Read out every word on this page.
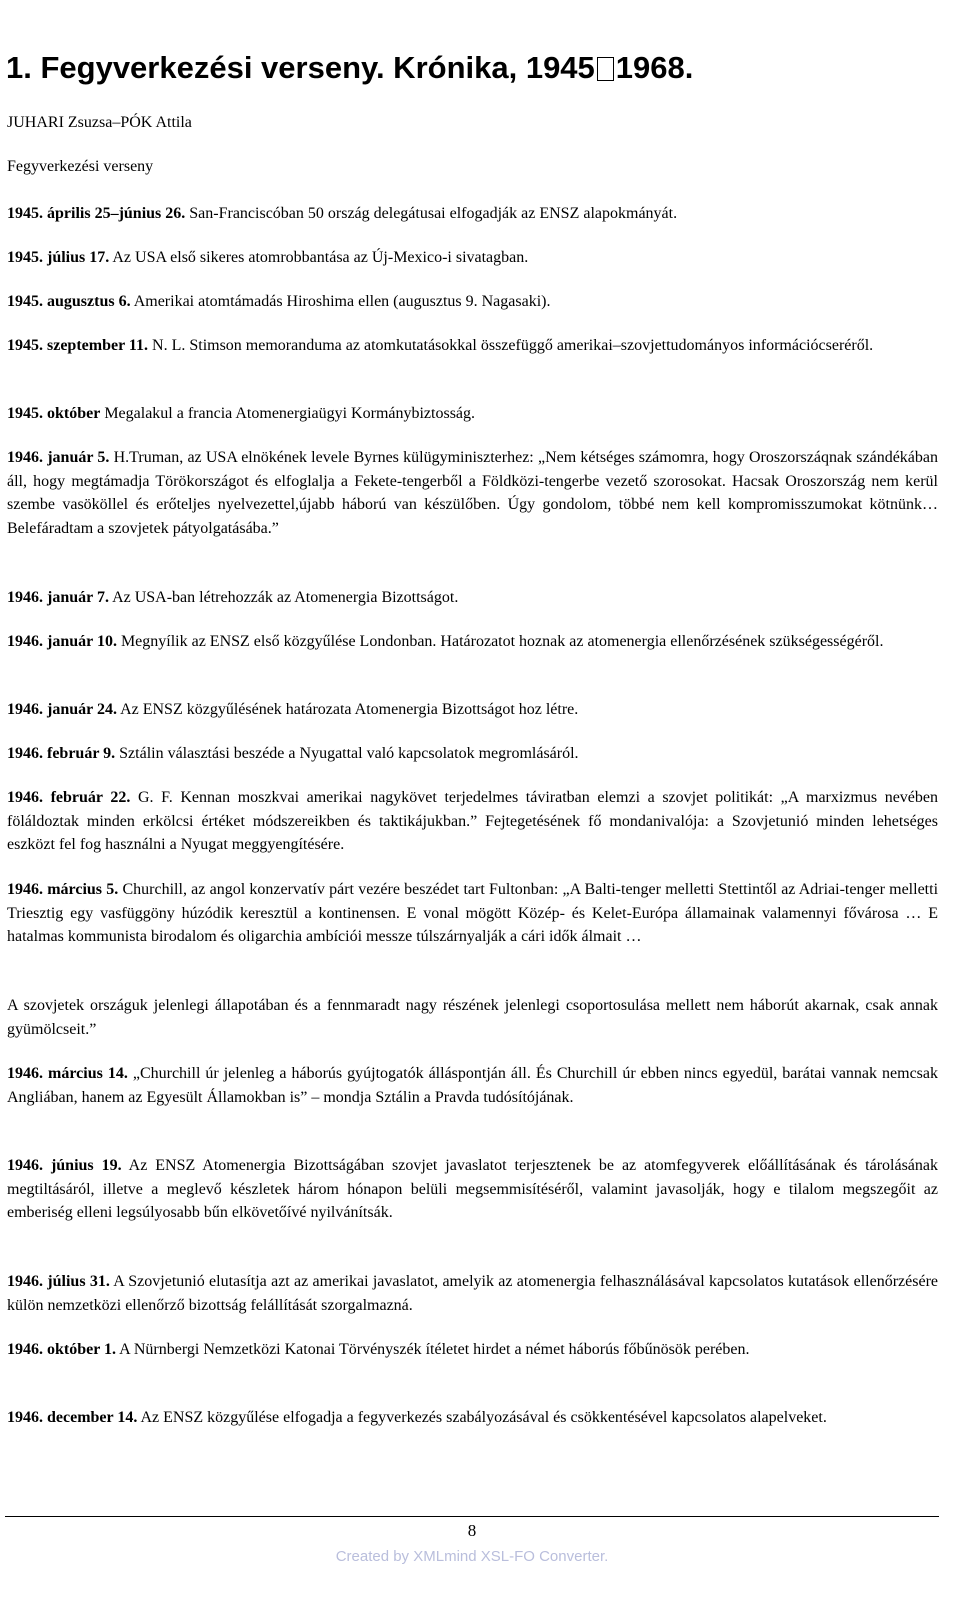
1. Fegyverkezési verseny. Krónika, 1945 1968.

JUHARI Zsuzsa–PÓK Attila

Fegyverkezési verseny

1945. április 25–június 26. San-Franciscóban 50 ország delegátusai elfogadják az ENSZ alapokmányát.

1945. július 17. Az USA első sikeres atomrobbantása az Új-Mexico-i sivatagban.

1945. augusztus 6. Amerikai atomtámadás Hiroshima ellen (augusztus 9. Nagasaki).

1945. szeptember 11. N. L. Stimson memoranduma az atomkutatásokkal összefüggő amerikai–szovjettudományos információcseréről.

1945. október Megalakul a francia Atomenergiaügyi Kormánybiztosság.

1946. január 5. H.Truman, az USA elnökének levele Byrnes külügyminiszterhez: „Nem kétséges számomra, hogy Oroszorszáqnak szándékában áll, hogy megtámadja Törökországot és elfoglalja a Fekete-tengerből a Földközi-tengerbe vezető szorosokat. Hacsak Oroszország nem kerül szembe vasököllel és erőteljes nyelvezettel,újabb háború van készülőben. Úgy gondolom, többé nem kell kompromisszumokat kötnünk… Belefáradtam a szovjetek pátyolgatásába.”

1946. január 7. Az USA-ban létrehozzák az Atomenergia Bizottságot.

1946. január 10. Megnyílik az ENSZ első közgyűlése Londonban. Határozatot hoznak az atomenergia ellenőrzésének szükségességéről.

1946. január 24. Az ENSZ közgyűlésének határozata Atomenergia Bizottságot hoz létre.

1946. február 9. Sztálin választási beszéde a Nyugattal való kapcsolatok megromlásáról.

1946. február 22. G. F. Kennan moszkvai amerikai nagykövet terjedelmes táviratban elemzi a szovjet politikát: „A marxizmus nevében föláldoztak minden erkölcsi értéket módszereikben és taktikájukban.” Fejtegetésének fő mondanivalója: a Szovjetunió minden lehetséges eszközt fel fog használni a Nyugat meggyengítésére.

1946. március 5. Churchill, az angol konzervatív párt vezére beszédet tart Fultonban: „A Balti-tenger melletti Stettintől az Adriai-tenger melletti Triesztig egy vasfüggöny húzódik keresztül a kontinensen. E vonal mögött Közép- és Kelet-Európa államainak valamennyi fővárosa … E hatalmas kommunista birodalom és oligarchia ambíciói messze túlszárnyalják a cári idők álmait …

A szovjetek országuk jelenlegi állapotában és a fennmaradt nagy részének jelenlegi csoportosulása mellett nem háborút akarnak, csak annak gyümölcseit.”

1946. március 14. „Churchill úr jelenleg a háborús gyújtogatók álláspontján áll. És Churchill úr ebben nincs egyedül, barátai vannak nemcsak Angliában, hanem az Egyesült Államokban is” – mondja Sztálin a Pravda tudósítójának.

1946. június 19. Az ENSZ Atomenergia Bizottságában szovjet javaslatot terjesztenek be az atomfegyverek előállításának és tárolásának megtiltásáról, illetve a meglevő készletek három hónapon belüli megsemmisítéséről, valamint javasolják, hogy e tilalom megszegőit az emberiség elleni legsúlyosabb bűn elkövetőívé nyilvánítsák.

1946. július 31. A Szovjetunió elutasítja azt az amerikai javaslatot, amelyik az atomenergia felhasználásával kapcsolatos kutatások ellenőrzésére külön nemzetközi ellenőrző bizottság felállítását szorgalmazná.

1946. október 1. A Nürnbergi Nemzetközi Katonai Törvényszék ítéletet hirdet a német háborús főbűnösök perében.

1946. december 14. Az ENSZ közgyűlése elfogadja a fegyverkezés szabályozásával és csökkentésével kapcsolatos alapelveket.

8
Created by XMLmind XSL-FO Converter.
